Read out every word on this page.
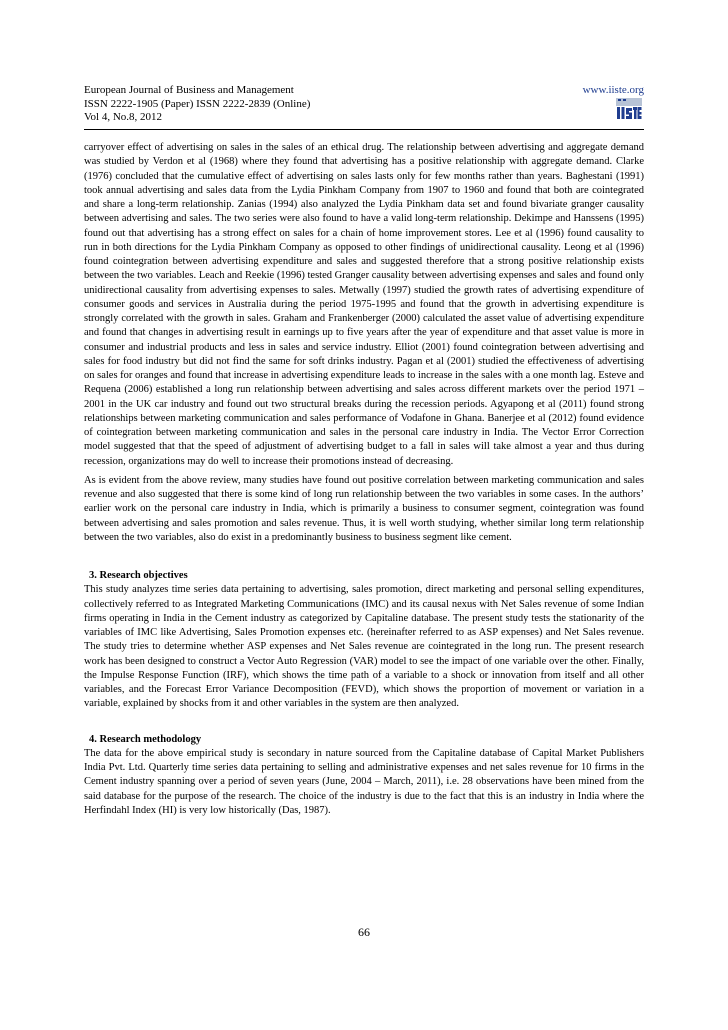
European Journal of Business and Management
ISSN 2222-1905 (Paper) ISSN 2222-2839 (Online)
Vol 4, No.8, 2012
www.iiste.org

carryover effect of advertising on sales in the sales of an ethical drug. The relationship between advertising and aggregate demand was studied by Verdon et al (1968) where they found that advertising has a positive relationship with aggregate demand. Clarke (1976) concluded that the cumulative effect of advertising on sales lasts only for few months rather than years. Baghestani (1991) took annual advertising and sales data from the Lydia Pinkham Company from 1907 to 1960 and found that both are cointegrated and share a long-term relationship. Zanias (1994) also analyzed the Lydia Pinkham data set and found bivariate granger causality between advertising and sales. The two series were also found to have a valid long-term relationship. Dekimpe and Hanssens (1995) found out that advertising has a strong effect on sales for a chain of home improvement stores. Lee et al (1996) found causality to run in both directions for the Lydia Pinkham Company as opposed to other findings of unidirectional causality. Leong et al (1996) found cointegration between advertising expenditure and sales and suggested therefore that a strong positive relationship exists between the two variables. Leach and Reekie (1996) tested Granger causality between advertising expenses and sales and found only unidirectional causality from advertising expenses to sales. Metwally (1997) studied the growth rates of advertising expenditure of consumer goods and services in Australia during the period 1975-1995 and found that the growth in advertising expenditure is strongly correlated with the growth in sales. Graham and Frankenberger (2000) calculated the asset value of advertising expenditure and found that changes in advertising result in earnings up to five years after the year of expenditure and that asset value is more in consumer and industrial products and less in sales and service industry. Elliot (2001) found cointegration between advertising and sales for food industry but did not find the same for soft drinks industry. Pagan et al (2001) studied the effectiveness of advertising on sales for oranges and found that increase in advertising expenditure leads to increase in the sales with a one month lag. Esteve and Requena (2006) established a long run relationship between advertising and sales across different markets over the period 1971 – 2001 in the UK car industry and found out two structural breaks during the recession periods. Agyapong et al (2011) found strong relationships between marketing communication and sales performance of Vodafone in Ghana. Banerjee et al (2012) found evidence of cointegration between marketing communication and sales in the personal care industry in India. The Vector Error Correction model suggested that that the speed of adjustment of advertising budget to a fall in sales will take almost a year and thus during recession, organizations may do well to increase their promotions instead of decreasing.

As is evident from the above review, many studies have found out positive correlation between marketing communication and sales revenue and also suggested that there is some kind of long run relationship between the two variables in some cases. In the authors’ earlier work on the personal care industry in India, which is primarily a business to consumer segment, cointegration was found between advertising and sales promotion and sales revenue. Thus, it is well worth studying, whether similar long term relationship between the two variables, also do exist in a predominantly business to business segment like cement.

3. Research objectives

This study analyzes time series data pertaining to advertising, sales promotion, direct marketing and personal selling expenditures, collectively referred to as Integrated Marketing Communications (IMC) and its causal nexus with Net Sales revenue of some Indian firms operating in India in the Cement industry as categorized by Capitaline database. The present study tests the stationarity of the variables of IMC like Advertising, Sales Promotion expenses etc. (hereinafter referred to as ASP expenses) and Net Sales revenue. The study tries to determine whether ASP expenses and Net Sales revenue are cointegrated in the long run. The present research work has been designed to construct a Vector Auto Regression (VAR) model to see the impact of one variable over the other. Finally, the Impulse Response Function (IRF), which shows the time path of a variable to a shock or innovation from itself and all other variables, and the Forecast Error Variance Decomposition (FEVD), which shows the proportion of movement or variation in a variable, explained by shocks from it and other variables in the system are then analyzed.

4. Research methodology

The data for the above empirical study is secondary in nature sourced from the Capitaline database of Capital Market Publishers India Pvt. Ltd. Quarterly time series data pertaining to selling and administrative expenses and net sales revenue for 10 firms in the Cement industry spanning over a period of seven years (June, 2004 – March, 2011), i.e. 28 observations have been mined from the said database for the purpose of the research. The choice of the industry is due to the fact that this is an industry in India where the Herfindahl Index (HI) is very low historically (Das, 1987).

66
